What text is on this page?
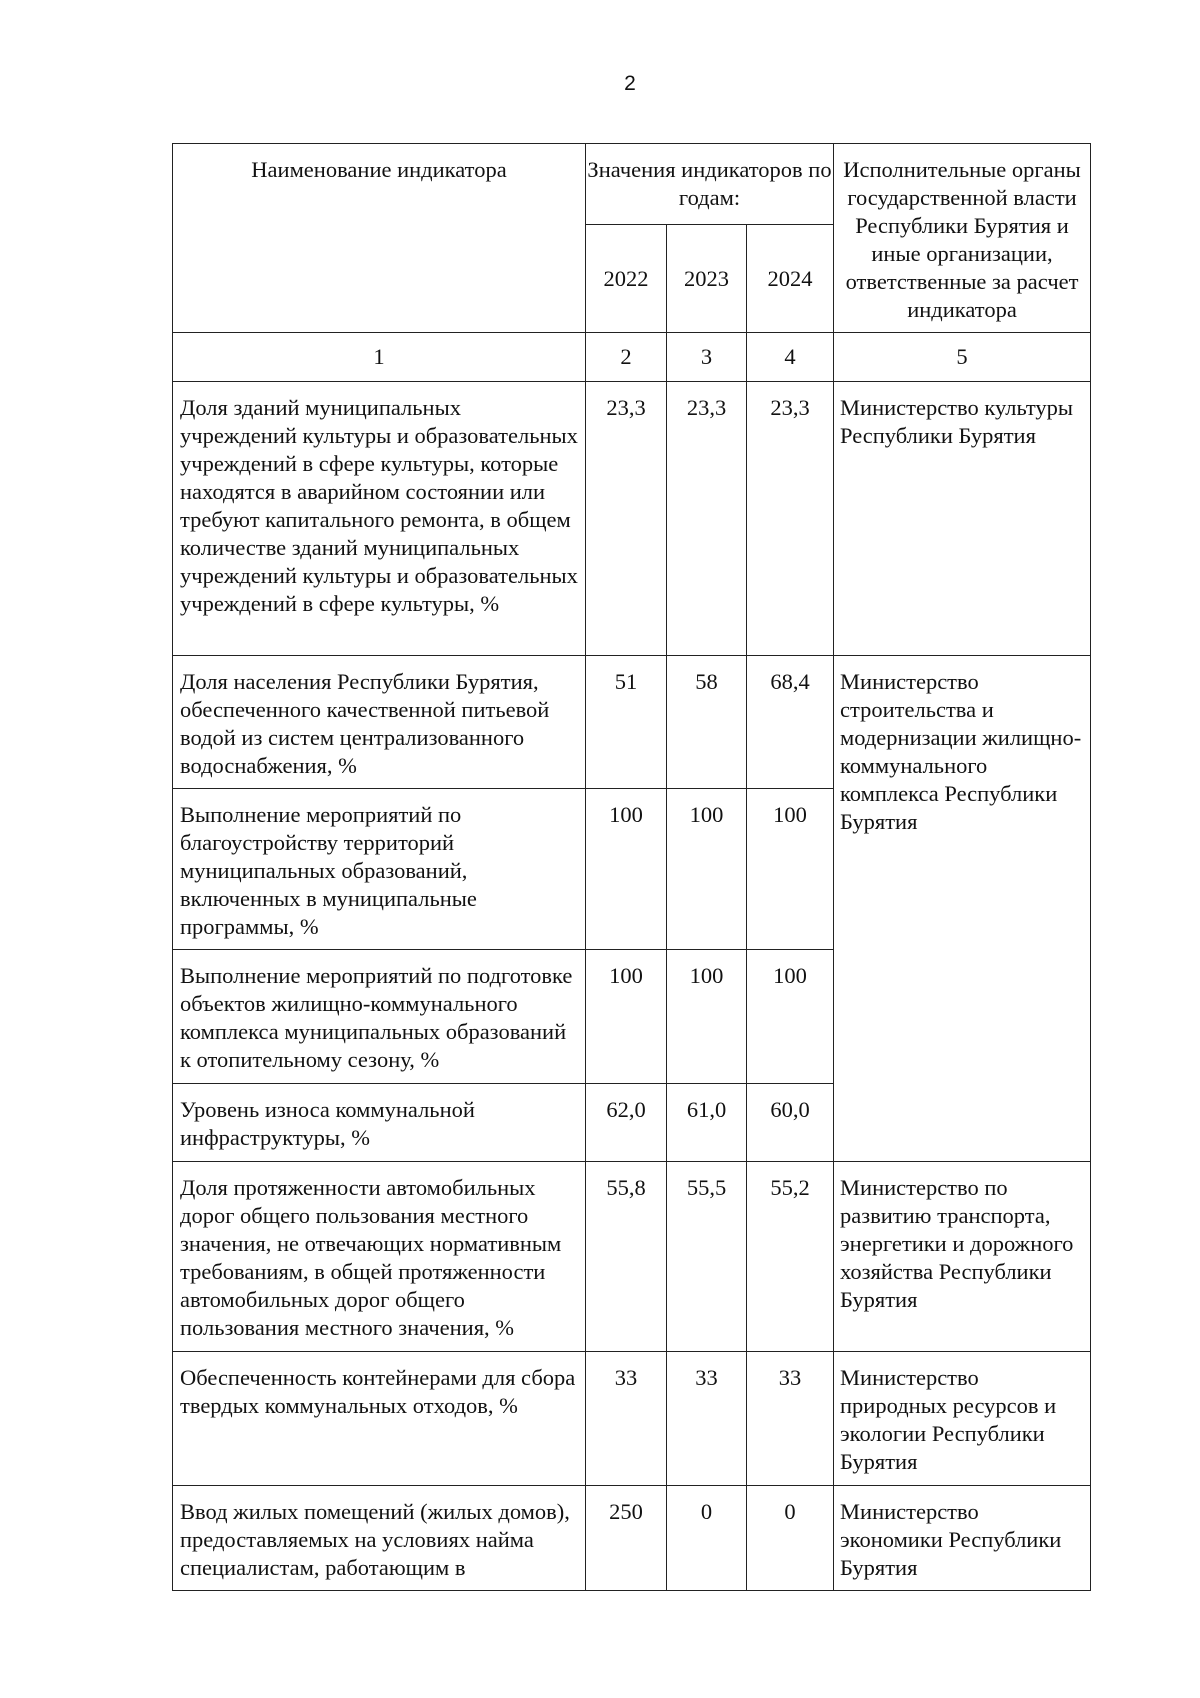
2
Наименование индикатора	Значения индикаторов по годам:			Исполнительные органы государственной власти Республики Бурятия и иные организации, ответственные за расчет индикатора
	2022	2023	2024	
1	2	3	4	5
Доля зданий муниципальных учреждений культуры и образовательных учреждений в сфере культуры, которые находятся в аварийном состоянии или требуют капитального ремонта, в общем количестве зданий муниципальных учреждений культуры и образовательных учреждений в сфере культуры, %	23,3	23,3	23,3	Министерство культуры Республики Бурятия
Доля населения Республики Бурятия, обеспеченного качественной питьевой водой из систем централизованного водоснабжения, %	51	58	68,4	Министерство строительства и модернизации жилищно-коммунального комплекса Республики Бурятия
Выполнение мероприятий по благоустройству территорий муниципальных образований, включенных в муниципальные программы, %	100	100	100	
Выполнение мероприятий по подготовке объектов жилищно-коммунального комплекса муниципальных образований к отопительному сезону, %	100	100	100	
Уровень износа коммунальной инфраструктуры, %	62,0	61,0	60,0	
Доля протяженности автомобильных дорог общего пользования местного значения, не отвечающих нормативным требованиям, в общей протяженности автомобильных дорог общего пользования местного значения, %	55,8	55,5	55,2	Министерство по развитию транспорта, энергетики и дорожного хозяйства Республики Бурятия
Обеспеченность контейнерами для сбора твердых коммунальных отходов, %	33	33	33	Министерство природных ресурсов и экологии Республики Бурятия
Ввод жилых помещений (жилых домов), предоставляемых на условиях найма специалистам, работающим в	250	0	0	Министерство экономики Республики Бурятия
